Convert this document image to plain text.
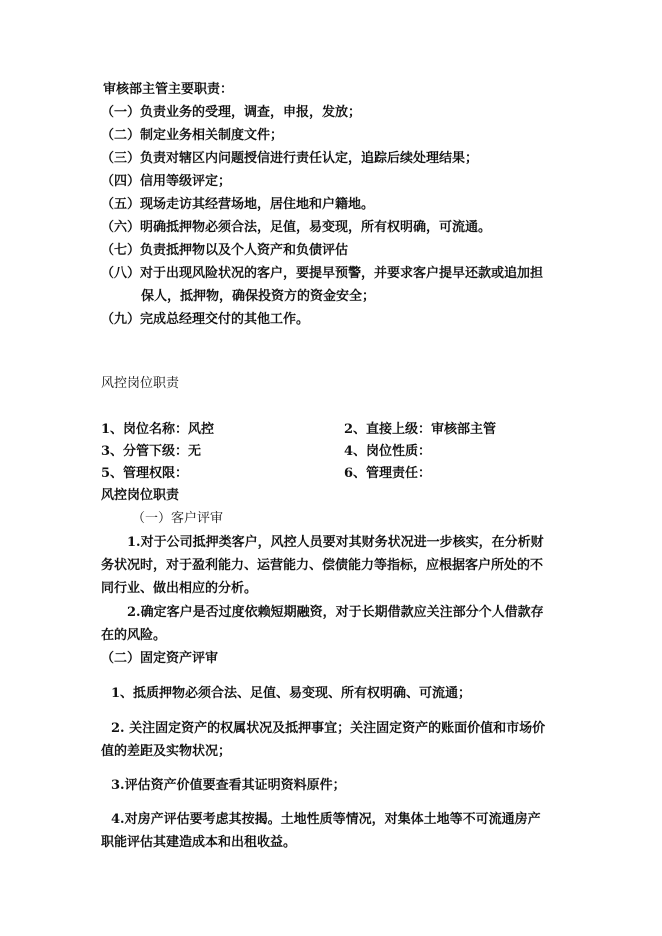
审核部主管主要职责：
（一）负责业务的受理，调查，申报，发放；
（二）制定业务相关制度文件；
（三）负责对辖区内问题授信进行责任认定，追踪后续处理结果；
（四）信用等级评定；
（五）现场走访其经营场地，居住地和户籍地。
（六）明确抵押物必须合法，足值，易变现，所有权明确，可流通。
（七）负责抵押物以及个人资产和负债评估
（八）对于出现风险状况的客户，要提早预警，并要求客户提早还款或追加担
保人，抵押物，确保投资方的资金安全；
（九）完成总经理交付的其他工作。
风控岗位职责
1、岗位名称：风控	2、直接上级：审核部主管
3、分管下级：无	4、岗位性质：
5、管理权限：	6、管理责任：
风控岗位职责
（一）客户评审
1.对于公司抵押类客户，风控人员要对其财务状况进一步核实，在分析财
务状况时，对于盈利能力、运营能力、偿债能力等指标，应根据客户所处的不
同行业、做出相应的分析。
2.确定客户是否过度依赖短期融资，对于长期借款应关注部分个人借款存
在的风险。
（二）固定资产评审
1、抵质押物必须合法、足值、易变现、所有权明确、可流通；
2. 关注固定资产的权属状况及抵押事宜；关注固定资产的账面价值和市场价
值的差距及实物状况；
3.评估资产价值要查看其证明资料原件；
4.对房产评估要考虑其按揭。土地性质等情况，对集体土地等不可流通房产
职能评估其建造成本和出租收益。
